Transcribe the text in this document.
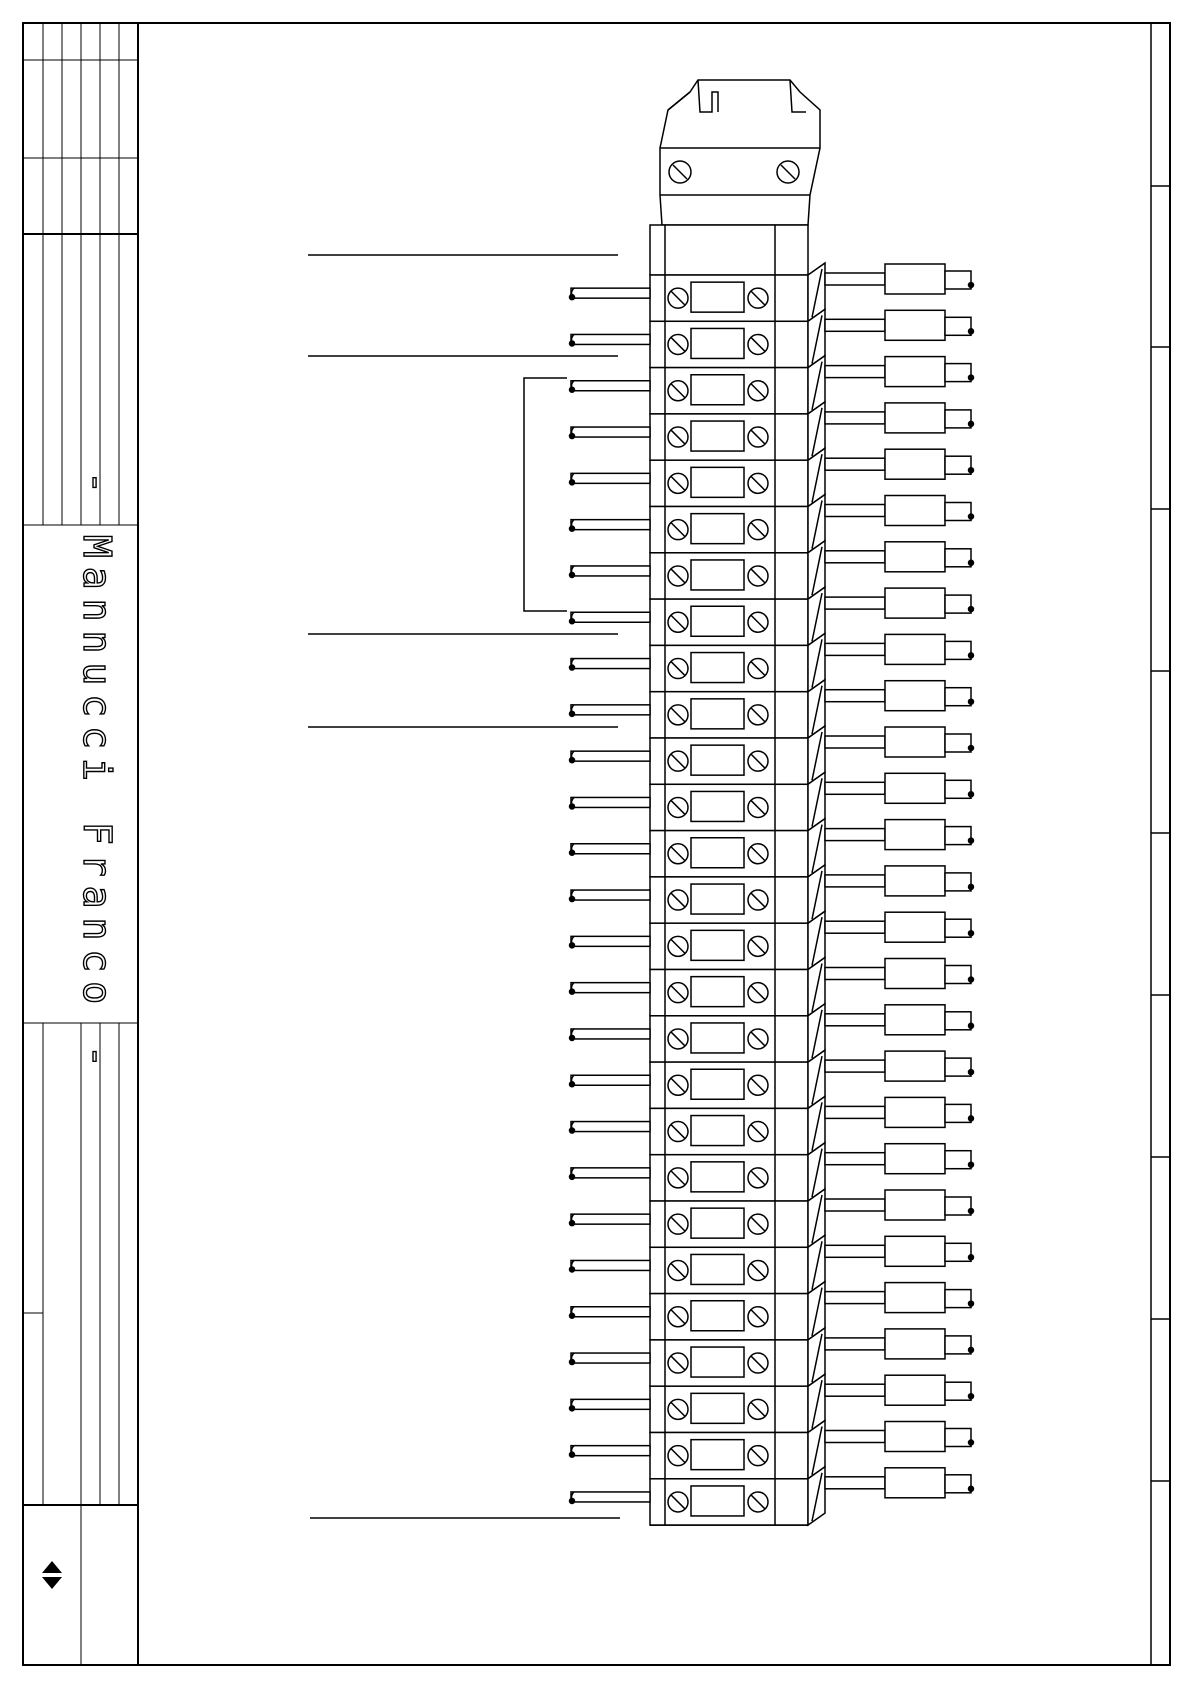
- Mannucci Franco -
